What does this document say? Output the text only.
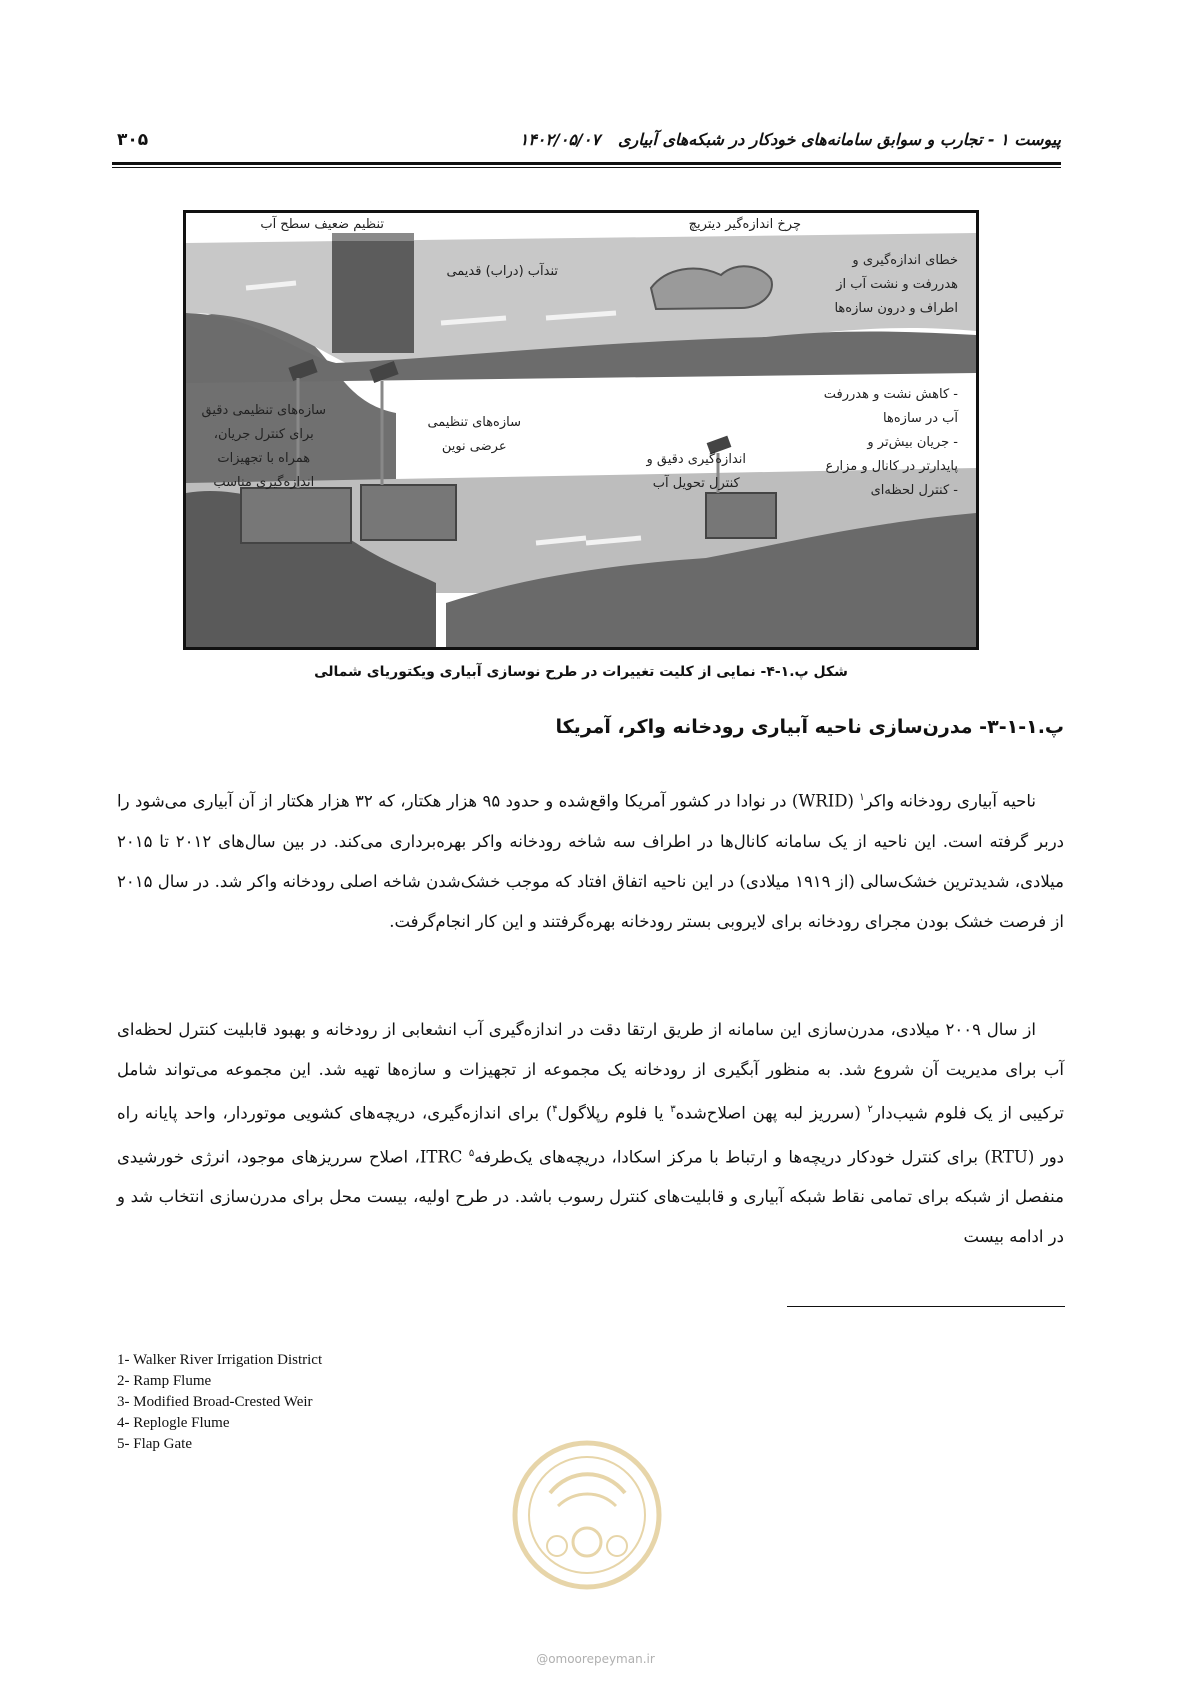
پیوست ۱ - تجارب و سوابق سامانه‌های خودکار در شبکه‌های آبیاری۱۴۰۲/۰۵/۰۷
۳۰۵
تنظیم ضعیف سطح آب	چرخ اندازه‌گیر دیتریچ
تندآب (دراب) قدیمی
خطای اندازه‌گیری و
هدررفت و نشت آب از
اطراف و درون سازه‌ها
سازه‌های تنظیمی دقیق
برای کنترل جریان،
همراه با تجهیزات
اندازه‌گیری مناسب
سازه‌های تنظیمی
عرضی نوین
اندازه‌گیری دقیق و
کنترل تحویل آب
- کاهش نشت و هدررفت
آب در سازه‌ها
- جریان بیش‌تر و
پایدارتر در کانال و مزارع
- کنترل لحظه‌ای
شکل پ.۱-۴- نمایی از کلیت تغییرات در طرح نوسازی آبیاری ویکتوریای شمالی
پ.۱-۱-۳- مدرن‌سازی ناحیه آبیاری رودخانه واکر، آمریکا

ناحیه آبیاری رودخانه واکر$^۱$ (WRID) در نوادا در کشور آمریکا واقع‌شده و حدود ۹۵ هزار هکتار، که ۳۲ هزار هکتار از آن آبیاری می‌شود را دربر گرفته است. این ناحیه از یک سامانه کانال‌ها در اطراف سه شاخه رودخانه واکر بهره‌برداری می‌کند. در بین سال‌های ۲۰۱۲ تا ۲۰۱۵ میلادی، شدیدترین خشک‌سالی (از ۱۹۱۹ میلادی) در این ناحیه اتفاق افتاد که موجب خشک‌شدن شاخه اصلی رودخانه واکر شد. در سال ۲۰۱۵ از فرصت خشک بودن مجرای رودخانه برای لایروبی بستر رودخانه بهره‌گرفتند و این کار انجام‌گرفت.

از سال ۲۰۰۹ میلادی، مدرن‌سازی این سامانه از طریق ارتقا دقت در اندازه‌گیری آب انشعابی از رودخانه و بهبود قابلیت کنترل لحظه‌ای آب برای مدیریت آن شروع شد. به منظور آبگیری از رودخانه یک مجموعه از تجهیزات و سازه‌ها تهیه شد. این مجموعه می‌تواند شامل ترکیبی از یک فلوم شیب‌دار$^۲$ (سرریز لبه پهن اصلاح‌شده$^۳$ یا فلوم رپلاگول$^۴$) برای اندازه‌گیری، دریچه‌های کشویی موتوردار، واحد پایانه راه دور (RTU) برای کنترل خودکار دریچه‌ها و ارتباط با مرکز اسکادا، دریچه‌های یک‌طرفه$^۵$ ITRC، اصلاح سرریزهای موجود، انرژی خورشیدی منفصل از شبکه برای تمامی نقاط شبکه آبیاری و قابلیت‌های کنترل رسوب باشد. در طرح اولیه، بیست محل برای مدرن‌سازی انتخاب شد و در ادامه بیست

1- Walker River Irrigation District
2- Ramp Flume
3- Modified Broad-Crested Weir
4- Replogle Flume
5- Flap Gate
@omoorepeyman.ir
